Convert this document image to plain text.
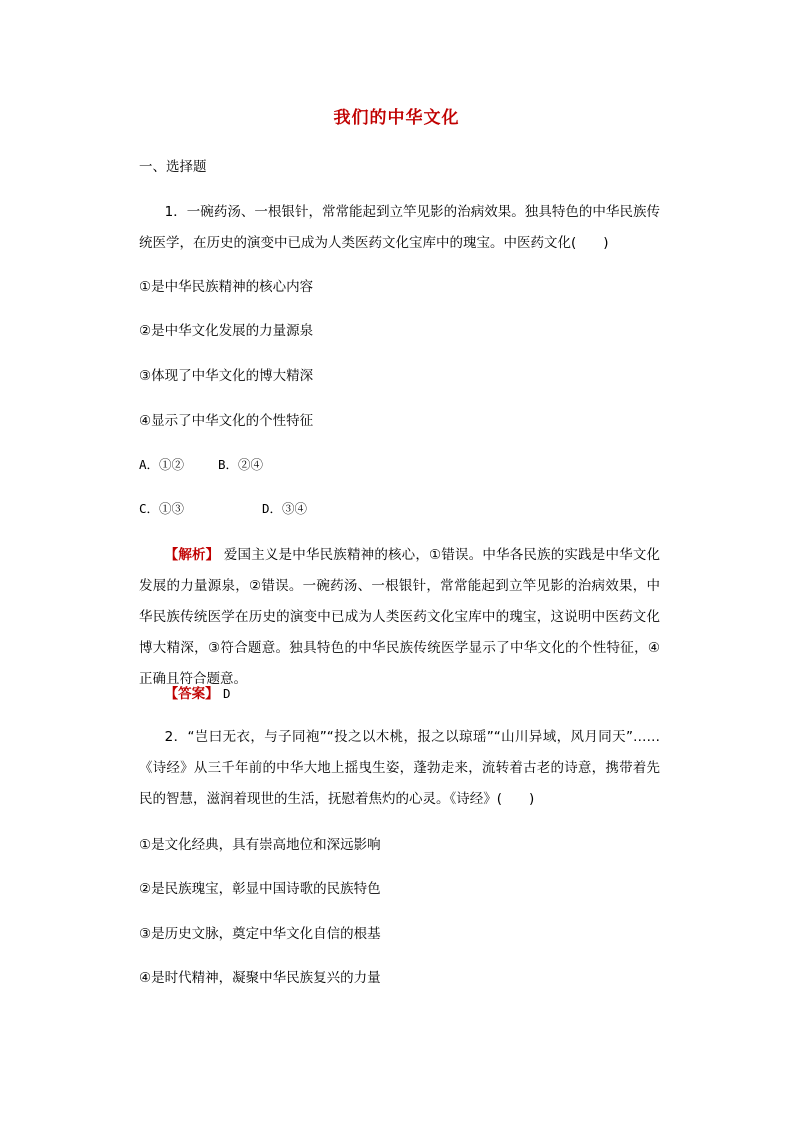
我们的中华文化
一、选择题
1．一碗药汤、一根银针，常常能起到立竿见影的治病效果。独具特色的中华民族传统医学，在历史的演变中已成为人类医药文化宝库中的瑰宝。中医药文化(　　)
①是中华民族精神的核心内容
②是中华文化发展的力量源泉
③体现了中华文化的博大精深
④显示了中华文化的个性特征
A．①②	B．②④
C．①③	D．③④
【解析】 爱国主义是中华民族精神的核心，①错误。中华各民族的实践是中华文化发展的力量源泉，②错误。一碗药汤、一根银针，常常能起到立竿见影的治病效果，中华民族传统医学在历史的演变中已成为人类医药文化宝库中的瑰宝，这说明中医药文化博大精深，③符合题意。独具特色的中华民族传统医学显示了中华文化的个性特征，④正确且符合题意。
【答案】 D
2．“岂曰无衣，与子同袍”“投之以木桃，报之以琼瑶”“山川异域，风月同天”……《诗经》从三千年前的中华大地上摇曳生姿，蓬勃走来，流转着古老的诗意，携带着先民的智慧，滋润着现世的生活，抚慰着焦灼的心灵。《诗经》(　　)
①是文化经典，具有崇高地位和深远影响
②是民族瑰宝，彰显中国诗歌的民族特色
③是历史文脉，奠定中华文化自信的根基
④是时代精神，凝聚中华民族复兴的力量
